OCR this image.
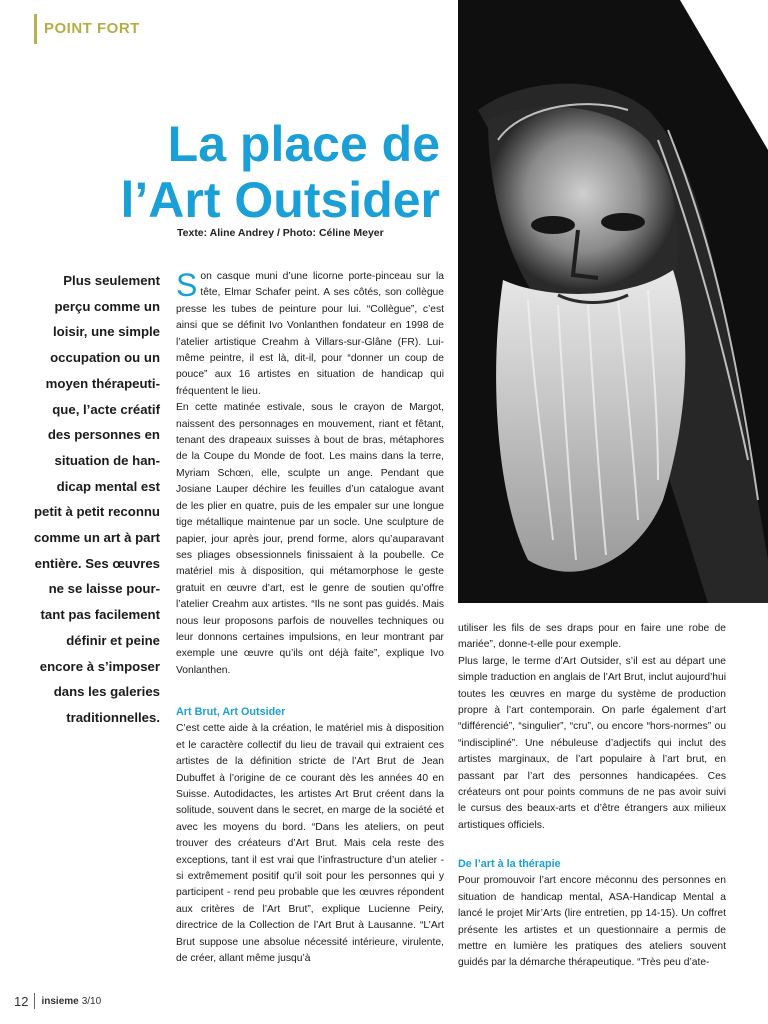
POINT FORT
La place de
l’Art Outsider
Texte: Aline Andrey / Photo: Céline Meyer
Plus seulement perçu comme un loisir, une simple occupation ou un moyen thérapeutique, l’acte créatif des personnes en situation de handicap mental est petit à petit reconnu comme un art à part entière. Ses œuvres ne se laisse pourtant pas facilement définir et peine encore à s’imposer dans les galeries traditionnelles.

Son casque muni d’une licorne porte-pinceau sur la tête, Elmar Schafer peint. A ses côtés, son collègue presse les tubes de peinture pour lui. “Collègue”, c’est ainsi que se définit Ivo Vonlanthen fondateur en 1998 de l’atelier artistique Creahm à Villars-sur-Glâne (FR). Lui-même peintre, il est là, dit-il, pour “donner un coup de pouce” aux 16 artistes en situation de handicap qui fréquentent le lieu.

En cette matinée estivale, sous le crayon de Margot, naissent des personnages en mouvement, riant et fêtant, tenant des drapeaux suisses à bout de bras, métaphores de la Coupe du Monde de foot. Les mains dans la terre, Myriam Schœn, elle, sculpte un ange. Pendant que Josiane Lauper déchire les feuilles d’un catalogue avant de les plier en quatre, puis de les empaler sur une longue tige métallique maintenue par un socle. Une sculpture de papier, jour après jour, prend forme, alors qu’auparavant ses pliages obsessionnels finissaient à la poubelle. Ce matériel mis à disposition, qui métamorphose le geste gratuit en œuvre d’art, est le genre de soutien qu’offre l’atelier Creahm aux artistes. “Ils ne sont pas guidés. Mais nous leur proposons parfois de nouvelles techniques ou leur donnons certaines impulsions, en leur montrant par exemple une œuvre qu’ils ont déjà faite”, explique Ivo Vonlanthen.

Art Brut, Art Outsider

C’est cette aide à la création, le matériel mis à disposition et le caractère collectif du lieu de travail qui extraient ces artistes de la définition stricte de l’Art Brut de Jean Dubuffet à l’origine de ce courant dès les années 40 en Suisse. Autodidactes, les artistes Art Brut créent dans la solitude, souvent dans le secret, en marge de la société et avec les moyens du bord. “Dans les ateliers, on peut trouver des créateurs d’Art Brut. Mais cela reste des exceptions, tant il est vrai que l’infrastructure d’un atelier - si extrêmement positif qu’il soit pour les personnes qui y participent - rend peu probable que les œuvres répondent aux critères de l’Art Brut”, explique Lucienne Peiry, directrice de la Collection de l’Art Brut à Lausanne. “L’Art Brut suppose une absolue nécessité intérieure, virulente, de créer, allant même jusqu’à

utiliser les fils de ses draps pour en faire une robe de mariée”, donne-t-elle pour exemple.

Plus large, le terme d’Art Outsider, s’il est au départ une simple traduction en anglais de l’Art Brut, inclut aujourd’hui toutes les œuvres en marge du système de production propre à l’art contemporain. On parle également d’art “différencié”, “singulier”, “cru”, ou encore “hors-normes” ou “indiscipliné”. Une nébuleuse d’adjectifs qui inclut des artistes marginaux, de l’art populaire à l’art brut, en passant par l’art des personnes handicapées. Ces créateurs ont pour points communs de ne pas avoir suivi le cursus des beaux-arts et d’être étrangers aux milieux artistiques officiels.

De l’art à la thérapie

Pour promouvoir l’art encore méconnu des personnes en situation de handicap mental, ASA-Handicap Mental a lancé le projet Mir’Arts (lire entretien, pp 14-15). Un coffret présente les artistes et un questionnaire a permis de mettre en lumière les pratiques des ateliers souvent guidés par la démarche thérapeutique. “Très peu d’ate-

12 insieme 3/10
